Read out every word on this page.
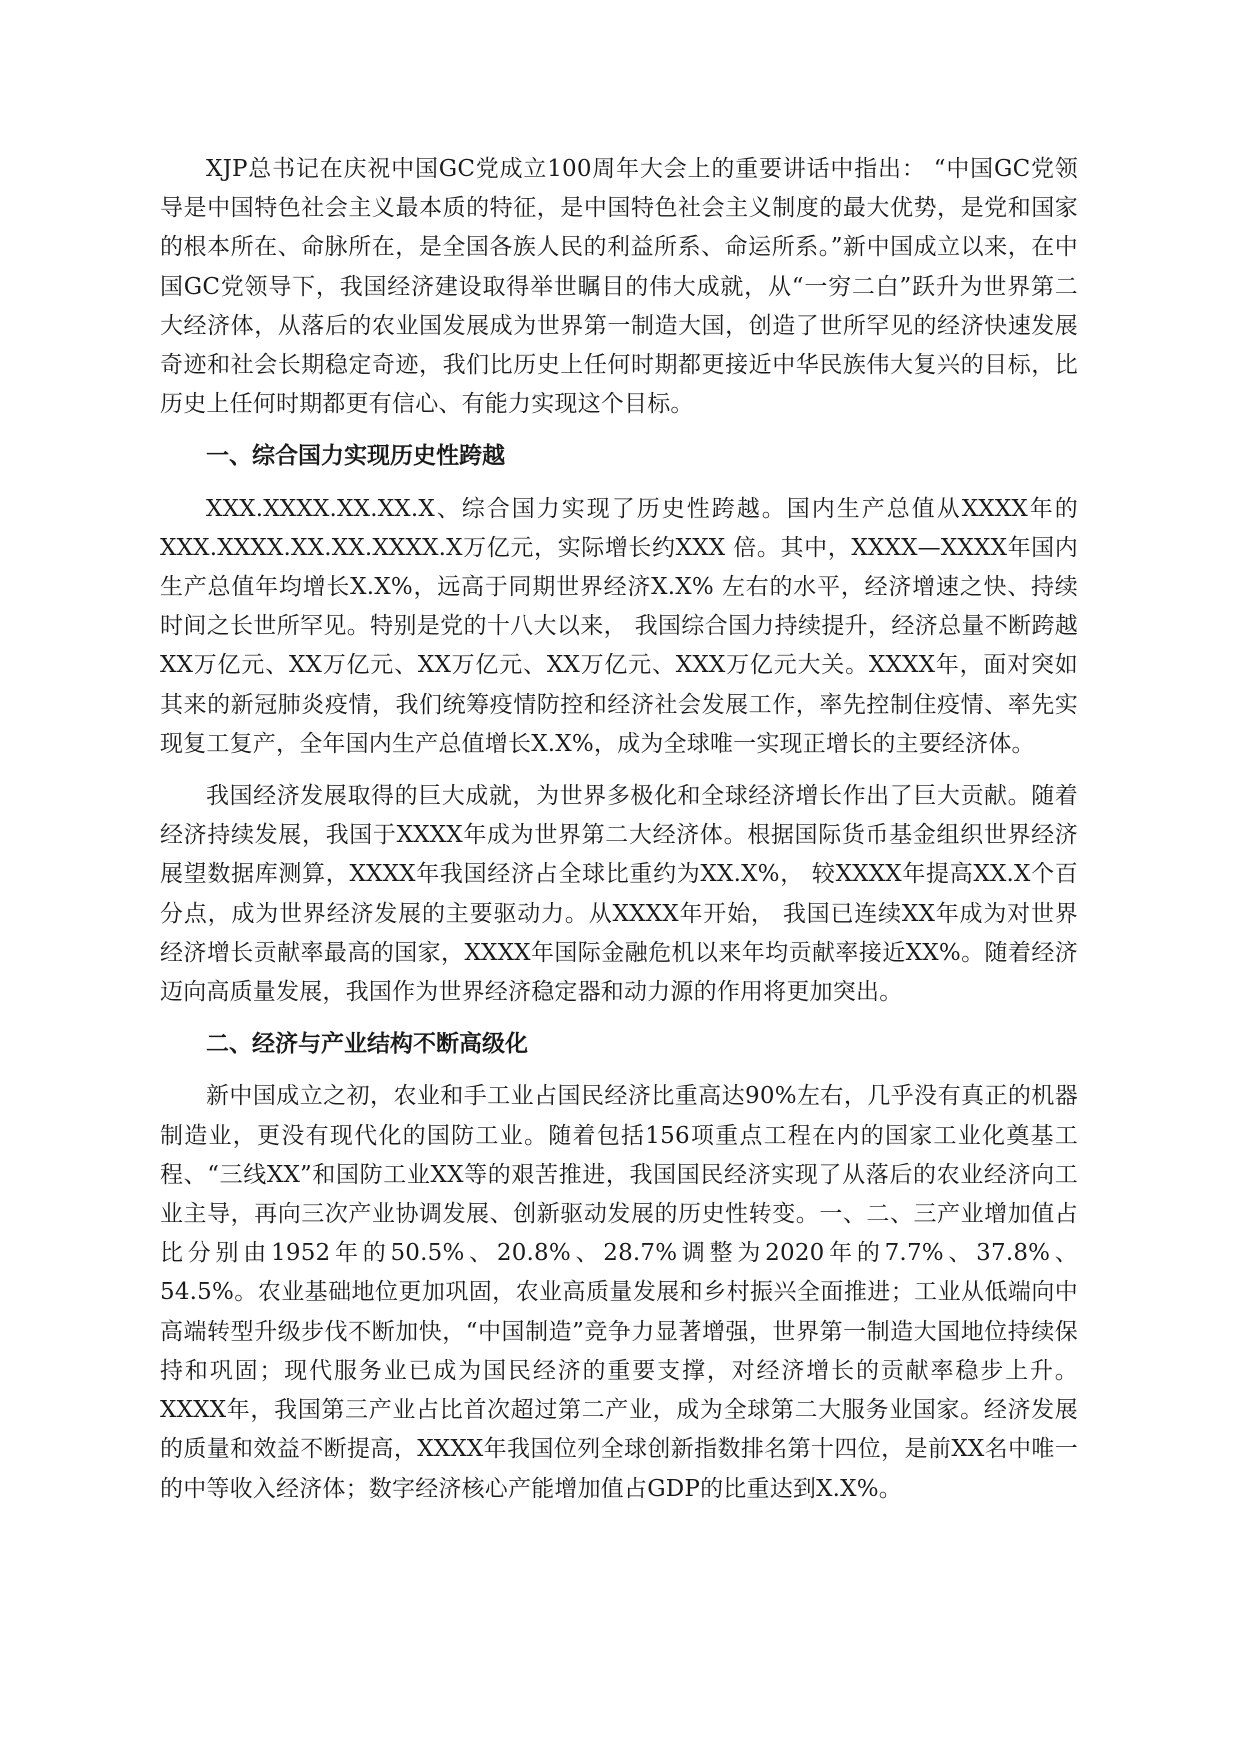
XJP总书记在庆祝中国GC党成立100周年大会上的重要讲话中指出： “中国GC党领导是中国特色社会主义最本质的特征，是中国特色社会主义制度的最大优势，是党和国家的根本所在、命脉所在，是全国各族人民的利益所系、命运所系。”新中国成立以来，在中国GC党领导下，我国经济建设取得举世瞩目的伟大成就，从“一穷二白”跃升为世界第二大经济体，从落后的农业国发展成为世界第一制造大国，创造了世所罕见的经济快速发展奇迹和社会长期稳定奇迹，我们比历史上任何时期都更接近中华民族伟大复兴的目标，比历史上任何时期都更有信心、有能力实现这个目标。

一、综合国力实现历史性跨越

XXX.XXXX.XX.XX.X、综合国力实现了历史性跨越。国内生产总值从XXXX年的XXX.XXXX.XX.XX.XXXX.X万亿元，实际增长约XXX 倍。其中，XXXX—XXXX年国内生产总值年均增长X.X%，远高于同期世界经济X.X% 左右的水平，经济增速之快、持续时间之长世所罕见。特别是党的十八大以来， 我国综合国力持续提升，经济总量不断跨越XX万亿元、XX万亿元、XX万亿元、XX万亿元、XXX万亿元大关。XXXX年，面对突如其来的新冠肺炎疫情，我们统筹疫情防控和经济社会发展工作，率先控制住疫情、率先实现复工复产，全年国内生产总值增长X.X%，成为全球唯一实现正增长的主要经济体。

我国经济发展取得的巨大成就，为世界多极化和全球经济增长作出了巨大贡献。随着经济持续发展，我国于XXXX年成为世界第二大经济体。根据国际货币基金组织世界经济展望数据库测算，XXXX年我国经济占全球比重约为XX.X%， 较XXXX年提高XX.X个百分点，成为世界经济发展的主要驱动力。从XXXX年开始， 我国已连续XX年成为对世界经济增长贡献率最高的国家，XXXX年国际金融危机以来年均贡献率接近XX%。随着经济迈向高质量发展，我国作为世界经济稳定器和动力源的作用将更加突出。

二、经济与产业结构不断高级化

新中国成立之初，农业和手工业占国民经济比重高达90%左右，几乎没有真正的机器制造业，更没有现代化的国防工业。随着包括156项重点工程在内的国家工业化奠基工程、“三线XX”和国防工业XX等的艰苦推进，我国国民经济实现了从落后的农业经济向工业主导，再向三次产业协调发展、创新驱动发展的历史性转变。一、二、三产业增加值占比分别由1952年的50.5%、20.8%、28.7%调整为2020年的7.7%、37.8%、54.5%。农业基础地位更加巩固，农业高质量发展和乡村振兴全面推进；工业从低端向中高端转型升级步伐不断加快，“中国制造”竞争力显著增强，世界第一制造大国地位持续保持和巩固；现代服务业已成为国民经济的重要支撑，对经济增长的贡献率稳步上升。XXXX年，我国第三产业占比首次超过第二产业，成为全球第二大服务业国家。经济发展的质量和效益不断提高，XXXX年我国位列全球创新指数排名第十四位，是前XX名中唯一的中等收入经济体；数字经济核心产能增加值占GDP的比重达到X.X%。
